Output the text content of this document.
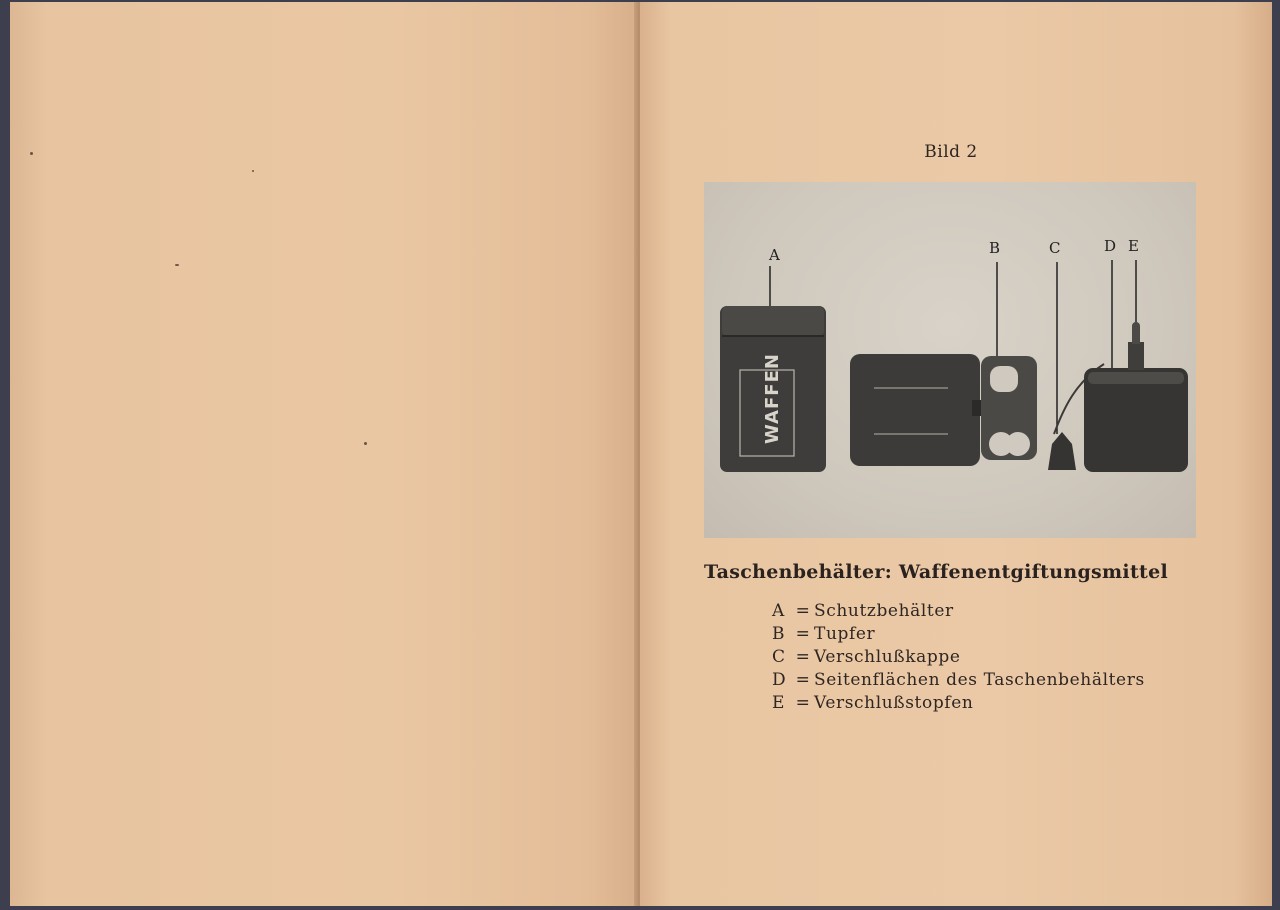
Bild 2
A	B	C	D E
WAFFEN
Taschenbehälter: Waffenentgiftungsmittel
A = Schutzbehälter
B = Tupfer
C = Verschlußkappe
D = Seitenflächen des Taschenbehälters
E = Verschlußstopfen
